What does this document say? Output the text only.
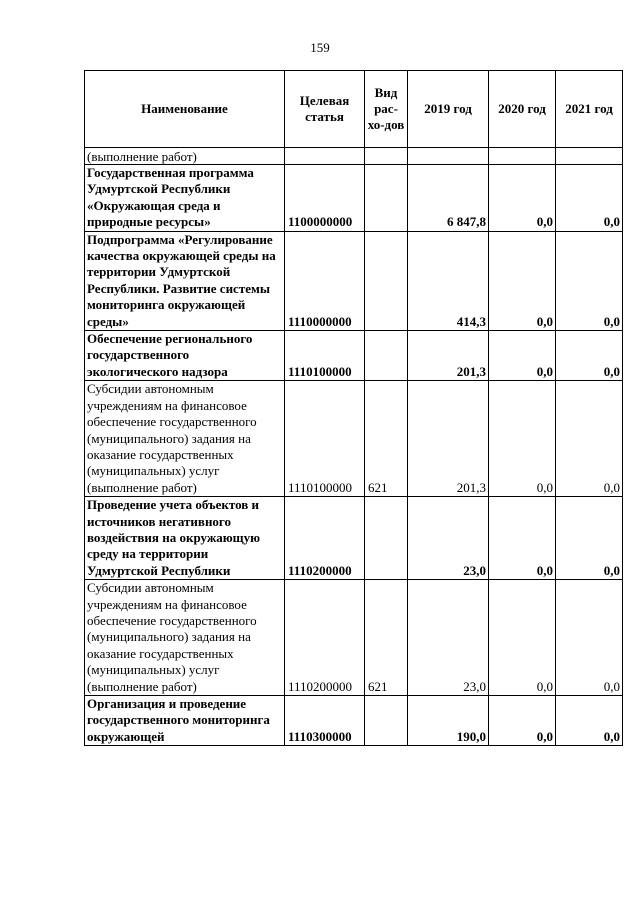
159
Наименование	Целевая статья	Вид рас-хо-дов	2019 год	2020 год	2021 год
(выполнение работ)					
Государственная программа Удмуртской Республики «Окружающая среда и природные ресурсы»	1100000000		6 847,8	0,0	0,0
Подпрограмма «Регулирование качества окружающей среды на территории Удмуртской Республики. Развитие системы мониторинга окружающей среды»	1110000000		414,3	0,0	0,0
Обеспечение регионального государственного экологического надзора	1110100000		201,3	0,0	0,0
Субсидии автономным учреждениям на финансовое обеспечение государственного (муниципального) задания на оказание государственных (муниципальных) услуг (выполнение работ)	1110100000	621	201,3	0,0	0,0
Проведение учета объектов и источников негативного воздействия на окружающую среду на территории Удмуртской Республики	1110200000		23,0	0,0	0,0
Субсидии автономным учреждениям на финансовое обеспечение государственного (муниципального) задания на оказание государственных (муниципальных) услуг (выполнение работ)	1110200000	621	23,0	0,0	0,0
Организация и проведение государственного мониторинга окружающей	1110300000		190,0	0,0	0,0
